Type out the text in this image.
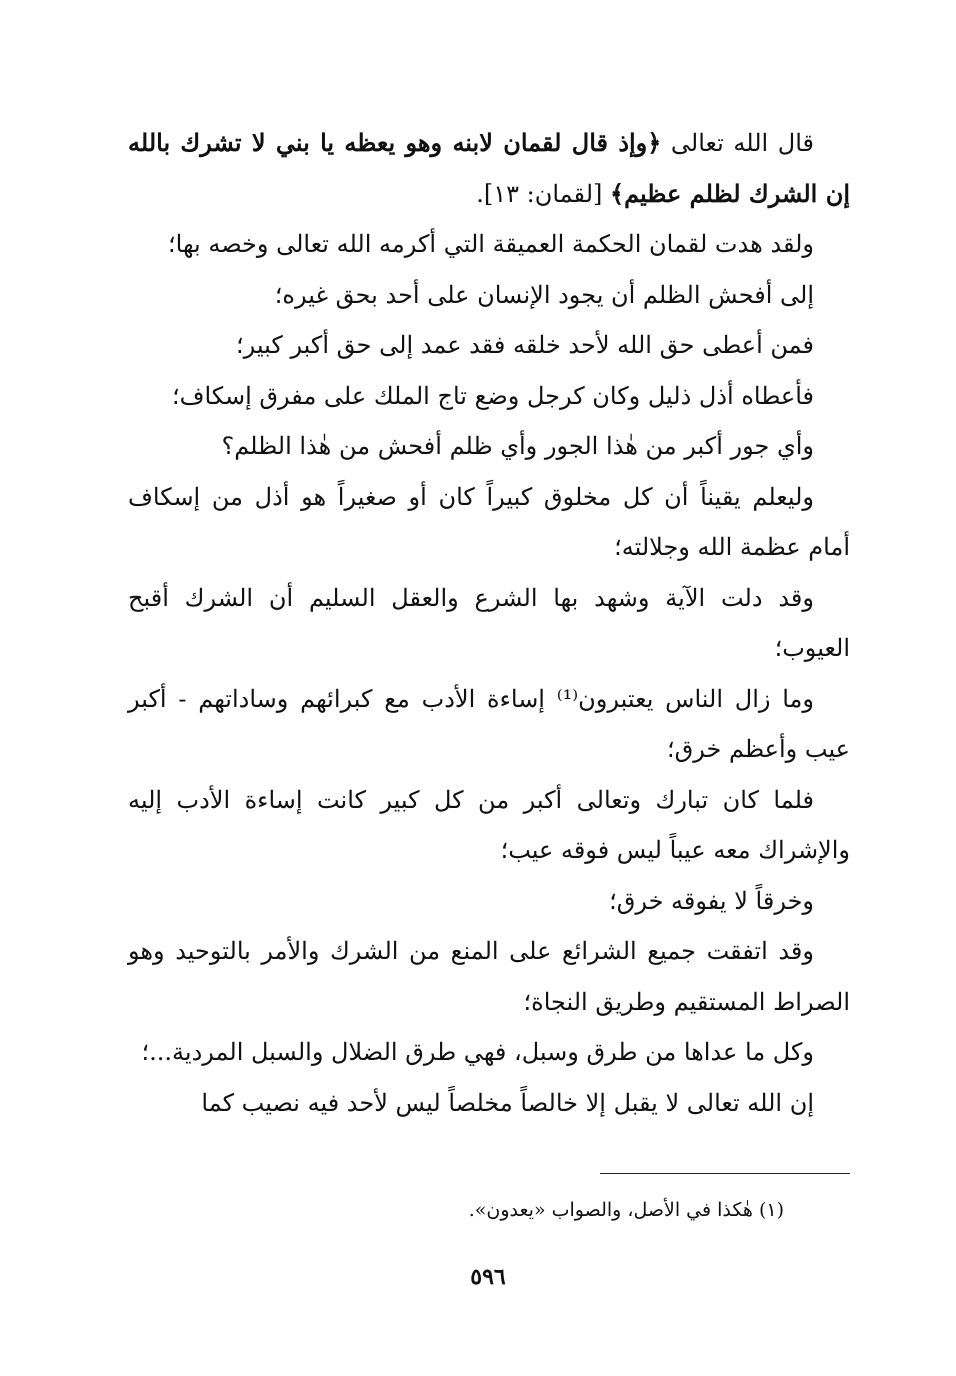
قال الله تعالى ﴿وإذ قال لقمان لابنه وهو يعظه يا بني لا تشرك بالله إن الشرك لظلم عظيم﴾ [لقمان: ١٣].

ولقد هدت لقمان الحكمة العميقة التي أكرمه الله تعالى وخصه بها؛

إلى أفحش الظلم أن يجود الإنسان على أحد بحق غيره؛

فمن أعطى حق الله لأحد خلقه فقد عمد إلى حق أكبر كبير؛

فأعطاه أذل ذليل وكان كرجل وضع تاج الملك على مفرق إسكاف؛

وأي جور أكبر من هٰذا الجور وأي ظلم أفحش من هٰذا الظلم؟

وليعلم يقيناً أن كل مخلوق كبيراً كان أو صغيراً هو أذل من إسكاف أمام عظمة الله وجلالته؛

وقد دلت الآية وشهد بها الشرع والعقل السليم أن الشرك أقبح العيوب؛

وما زال الناس يعتبرون⁽¹⁾ إساءة الأدب مع كبرائهم وساداتهم - أكبر عيب وأعظم خرق؛

فلما كان تبارك وتعالى أكبر من كل كبير كانت إساءة الأدب إليه والإشراك معه عيباً ليس فوقه عيب؛

وخرقاً لا يفوقه خرق؛

وقد اتفقت جميع الشرائع على المنع من الشرك والأمر بالتوحيد وهو الصراط المستقيم وطريق النجاة؛

وكل ما عداها من طرق وسبل، فهي طرق الضلال والسبل المردية...؛

إن الله تعالى لا يقبل إلا خالصاً مخلصاً ليس لأحد فيه نصيب كما

(١) هٰكذا في الأصل، والصواب «يعدون».
٥٩٦
